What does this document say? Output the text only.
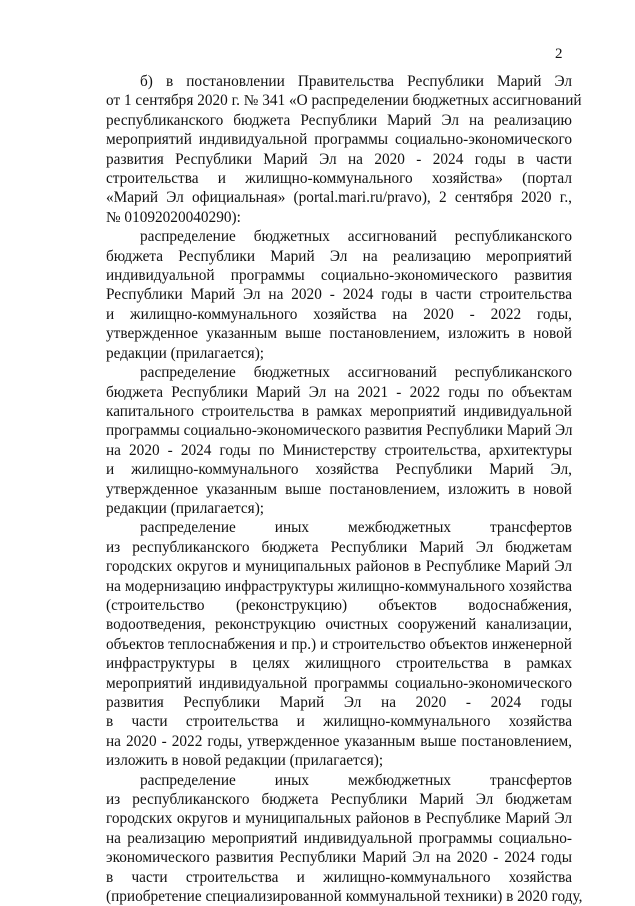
2
б) в постановлении Правительства Республики Марий Эл
от 1 сентября 2020 г. № 341 «О распределении бюджетных ассигнований
республиканского бюджета Республики Марий Эл на реализацию
мероприятий индивидуальной программы социально-экономического
развития Республики Марий Эл на 2020 - 2024 годы в части
строительства и жилищно-коммунального хозяйства» (портал
«Марий Эл официальная» (portal.mari.ru/pravo), 2 сентября 2020 г.,
№ 01092020040290):
распределение бюджетных ассигнований республиканского
бюджета Республики Марий Эл на реализацию мероприятий
индивидуальной программы социально-экономического развития
Республики Марий Эл на 2020 - 2024 годы в части строительства
и жилищно-коммунального хозяйства на 2020 - 2022 годы,
утвержденное указанным выше постановлением, изложить в новой
редакции (прилагается);
распределение бюджетных ассигнований республиканского
бюджета Республики Марий Эл на 2021 - 2022 годы по объектам
капитального строительства в рамках мероприятий индивидуальной
программы социально-экономического развития Республики Марий Эл
на 2020 - 2024 годы по Министерству строительства, архитектуры
и жилищно-коммунального хозяйства Республики Марий Эл,
утвержденное указанным выше постановлением, изложить в новой
редакции (прилагается);
распределение иных межбюджетных трансфертов
из республиканского бюджета Республики Марий Эл бюджетам
городских округов и муниципальных районов в Республике Марий Эл
на модернизацию инфраструктуры жилищно-коммунального хозяйства
(строительство (реконструкцию) объектов водоснабжения,
водоотведения, реконструкцию очистных сооружений канализации,
объектов теплоснабжения и пр.) и строительство объектов инженерной
инфраструктуры в целях жилищного строительства в рамках
мероприятий индивидуальной программы социально-экономического
развития Республики Марий Эл на 2020 - 2024 годы
в части строительства и жилищно-коммунального хозяйства
на 2020 - 2022 годы, утвержденное указанным выше постановлением,
изложить в новой редакции (прилагается);
распределение иных межбюджетных трансфертов
из республиканского бюджета Республики Марий Эл бюджетам
городских округов и муниципальных районов в Республике Марий Эл
на реализацию мероприятий индивидуальной программы социально-
экономического развития Республики Марий Эл на 2020 - 2024 годы
в части строительства и жилищно-коммунального хозяйства
(приобретение специализированной коммунальной техники) в 2020 году,
